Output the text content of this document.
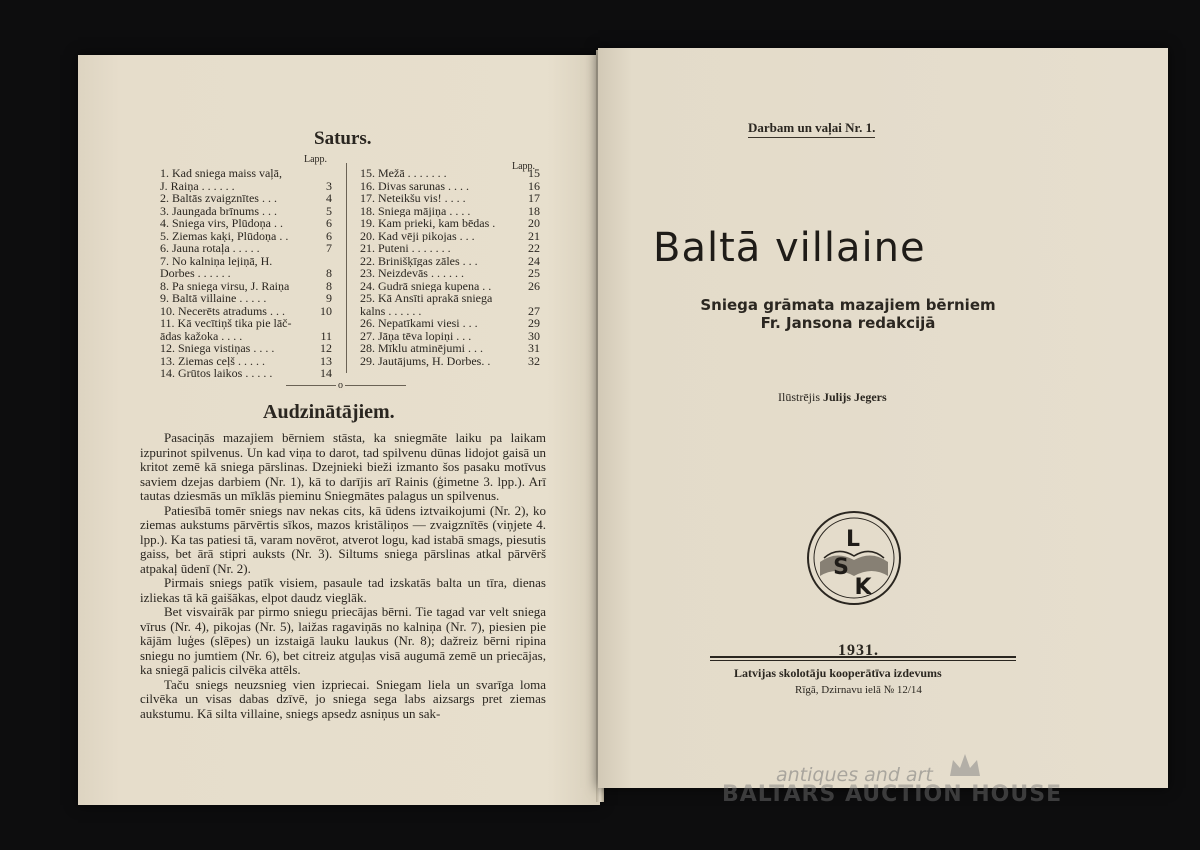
Saturs.
Lapp.
Lapp.
1. Kad sniega maiss vaļā,
J. Raiņa . . . . . .	3
2. Baltās zvaigznītes . . .	4
3. Jaungada brīnums . . .	5
4. Sniega virs, Plūdoņa . .	6
5. Ziemas kaķi, Plūdoņa . .	6
6. Jauna rotaļa . . . . .	7
7. No kalniņa lejiņā, H.
Dorbes . . . . . .	8
8. Pa sniega virsu, J. Raiņa	8
9. Baltā villaine . . . . .	9
10. Necerēts atradums . . .	10
11. Kā vecītiņš tika pie lāč-
ādas kažoka . . . .	11
12. Sniega vistiņas . . . .	12
13. Ziemas ceļš . . . . .	13
14. Grūtos laikos . . . . .	14
15. Mežā . . . . . . .	15
16. Divas sarunas . . . .	16
17. Neteikšu vis! . . . .	17
18. Sniega mājiņa . . . .	18
19. Kam prieki, kam bēdas .	20
20. Kad vēji pikojas . . .	21
21. Puteni . . . . . . .	22
22. Brinišķīgas zāles . . .	24
23. Neizdevās . . . . . .	25
24. Gudrā sniega kupena . .	26
25. Kā Ansīti aprakā sniega
kalns . . . . . .	27
26. Nepatīkami viesi . . .	29
27. Jāņa tēva lopiņi . . .	30
28. Mīklu atminējumi . . .	31
29. Jautājums, H. Dorbes. .	32
o
Audzinātājiem.

Pasaciņās mazajiem bērniem stāsta, ka sniegmāte laiku pa laikam izpurinot spilvenus. Un kad viņa to darot, tad spilvenu dūnas lidojot gaisā un kritot zemē kā sniega pārslinas. Dzejnieki bieži izmanto šos pasaku motīvus saviem dzejas darbiem (Nr. 1), kā to darījis arī Rainis (ģimetne 3. lpp.). Arī tautas dziesmās un mīklās pieminu Sniegmātes palagus un spilvenus.

Patiesībā tomēr sniegs nav nekas cits, kā ūdens iztvaikojumi (Nr. 2), ko ziemas aukstums pārvērtis sīkos, mazos kristāliņos — zvaigznītēs (viņjete 4. lpp.). Ka tas patiesi tā, varam novērot, atverot logu, kad istabā smags, piesutis gaiss, bet ārā stipri auksts (Nr. 3). Siltums sniega pārslinas atkal pārvērš atpakaļ ūdenī (Nr. 2).

Pirmais sniegs patīk visiem, pasaule tad izskatās balta un tīra, dienas izliekas tā kā gaišākas, elpot daudz vieglāk.

Bet visvairāk par pirmo sniegu priecājas bērni. Tie tagad var velt sniega vīrus (Nr. 4), pikojas (Nr. 5), laižas ragaviņās no kalniņa (Nr. 7), piesien pie kājām luģes (slēpes) un izstaigā lauku laukus (Nr. 8); dažreiz bērni ripina sniegu no jumtiem (Nr. 6), bet citreiz atguļas visā augumā zemē un priecājas, ka sniegā palicis cilvēka attēls.

Taču sniegs neuzsnieg vien izpriecai. Sniegam liela un svarīga loma cilvēka un visas dabas dzīvē, jo sniega sega labs aizsargs pret ziemas aukstumu. Kā silta villaine, sniegs apsedz asniņus un sak-

Darbam un vaļai Nr. 1.
Baltā villaine
Sniega grāmata mazajiem bērniem
Fr. Jansona redakcijā
Ilūstrējis Julijs Jegers
L
S
K
1931.
Latvijas skolotāju kooperātīva izdevums
Rīgā, Dzirnavu ielā № 12/14
antiques and art
BALTARS AUCTION HOUSE
